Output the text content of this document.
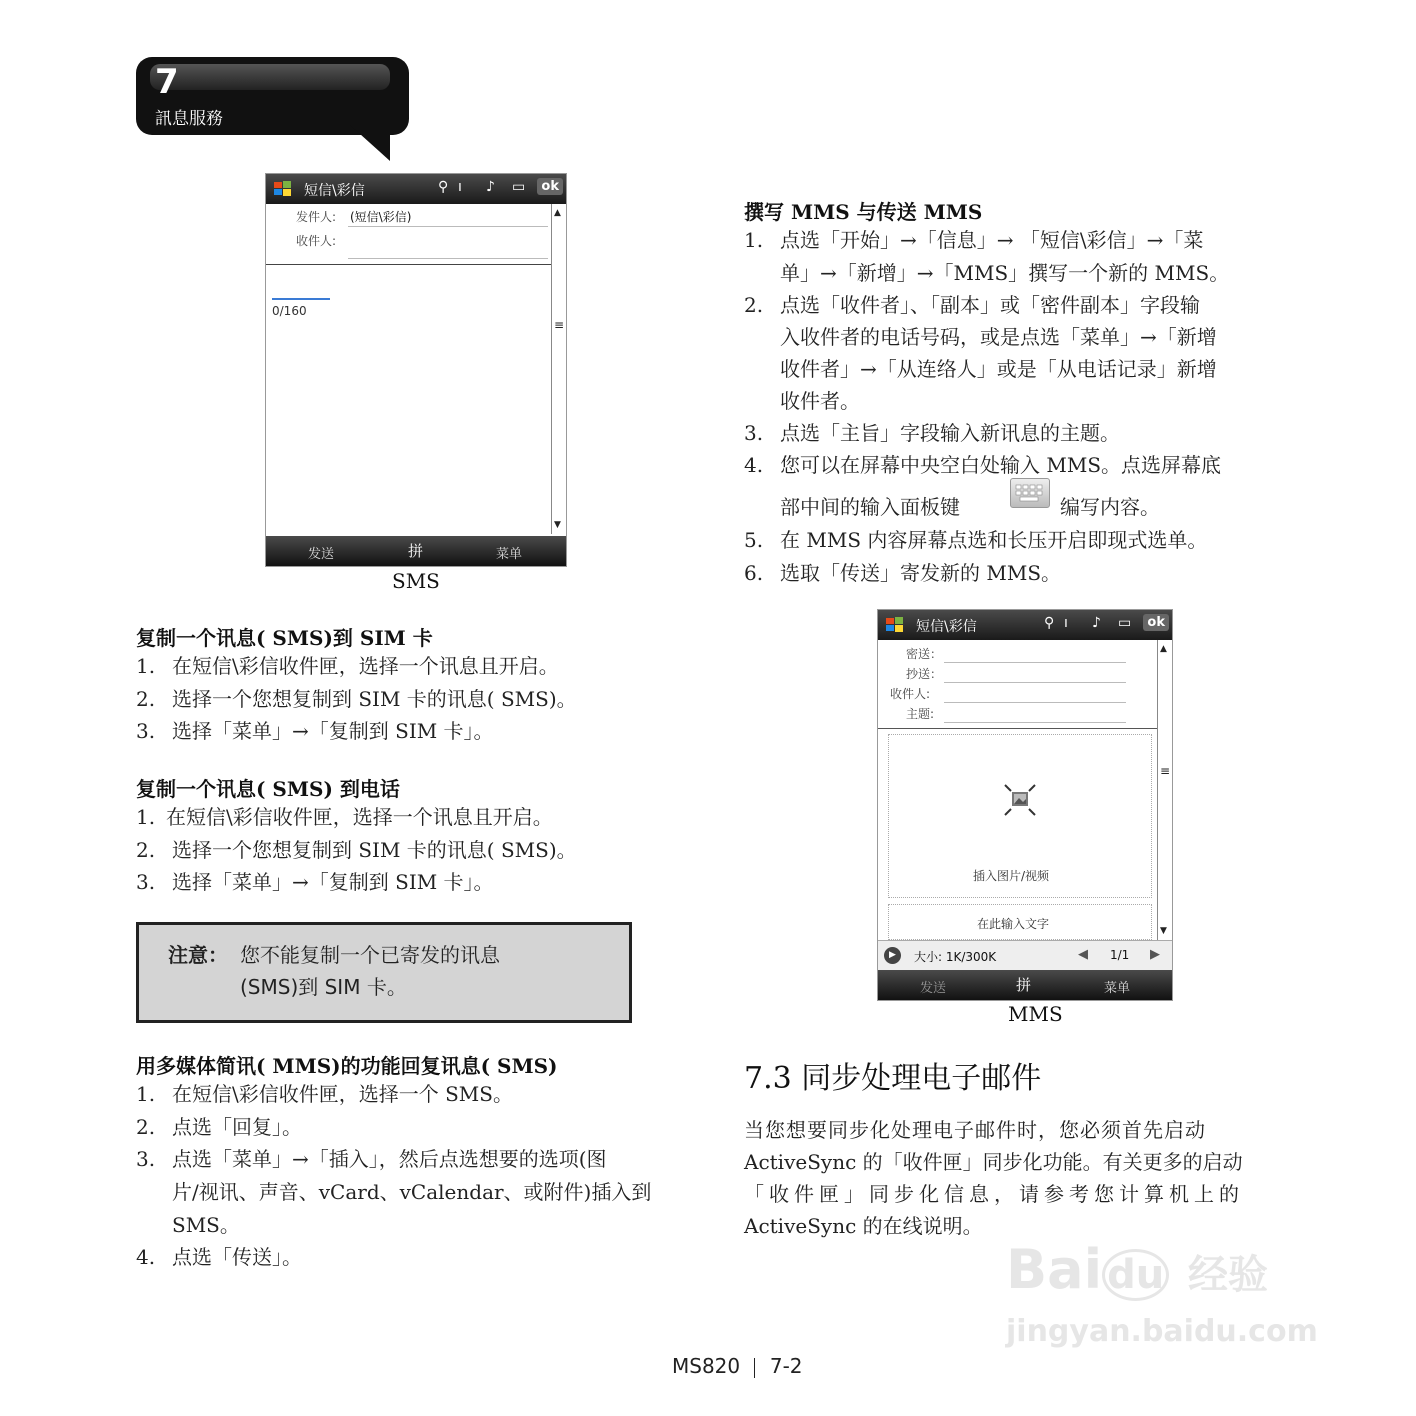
7
訊息服務
短信\彩信	⚲ ı ♪ ▭	ok
发件人: (短信\彩信)
收件人:
0/160
▲
≡
▼
发送	拼	菜单
SMS
复制一个讯息( SMS)到 SIM 卡
1. 在短信\彩信收件匣，选择一个讯息且开启。
2. 选择一个您想复制到 SIM 卡的讯息( SMS)。
3. 选择「菜单」→「复制到 SIM 卡」。
复制一个讯息( SMS) 到电话
1. 在短信\彩信收件匣，选择一个讯息且开启。
2. 选择一个您想复制到 SIM 卡的讯息( SMS)。
3. 选择「菜单」→「复制到 SIM 卡」。
注意： 您不能复制一个已寄发的讯息
(SMS)到 SIM 卡。
用多媒体简讯( MMS)的功能回复讯息( SMS)
1. 在短信\彩信收件匣，选择一个 SMS。
2. 点选「回复」。
3. 点选「菜单」→「插入」，然后点选想要的选项(图
片/视讯、声音、vCard、vCalendar、或附件)插入到
SMS。
4. 点选「传送」。
撰写 MMS 与传送 MMS
1. 点选「开始」→「信息」→ 「短信\彩信」→「菜
单」→「新增」→「MMS」撰写一个新的 MMS。
2. 点选「收件者」、「副本」或「密件副本」字段输
入收件者的电话号码，或是点选「菜单」→「新增
收件者」→「从连络人」或是「从电话记录」新增
收件者。
3. 点选「主旨」字段输入新讯息的主题。
4. 您可以在屏幕中央空白处输入 MMS。点选屏幕底
部中间的输入面板键	编写内容。
5. 在 MMS 内容屏幕点选和长压开启即现式选单。
6. 选取「传送」寄发新的 MMS。
短信\彩信	⚲ ı ♪ ▭	ok
密送：
抄送：
收件人:
主题:
插入图片/视频
在此输入文字
▲
≡
▼
▶	大小: 1K/300K	◀ 1/1 ▶
发送	拼	菜单
MMS
7.3 同步处理电子邮件
当您想要同步化处理电子邮件时，您必须首先启动
ActiveSync 的「收件匣」同步化功能。有关更多的启动
「收件匣」同步化信息，请参考您计算机上的
ActiveSync 的在线说明。
Bai du 经验
jingyan.baidu.com
MS820 7-2
